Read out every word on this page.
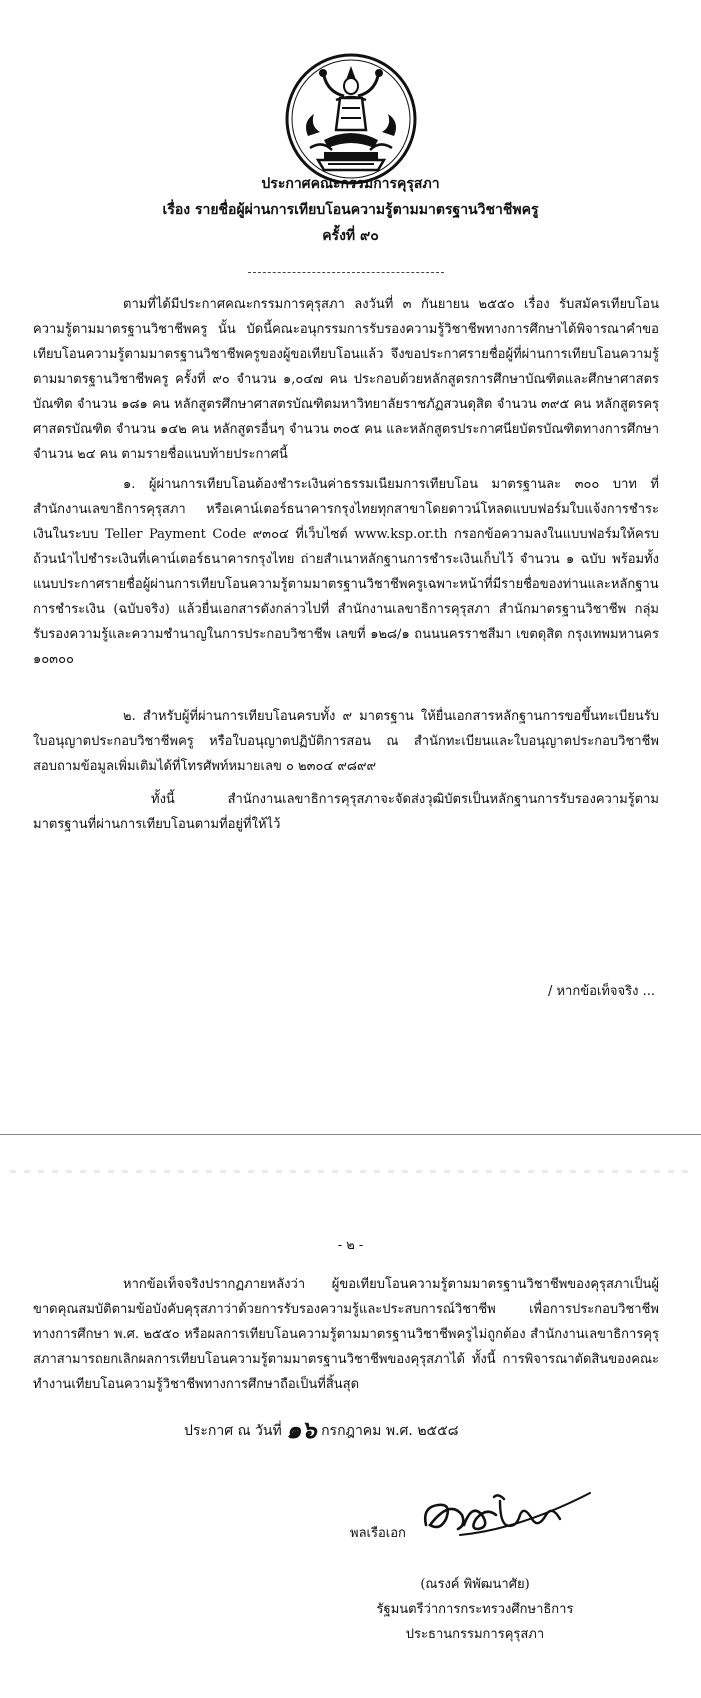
ประกาศคณะกรรมการคุรุสภา
เรื่อง รายชื่อผู้ผ่านการเทียบโอนความรู้ตามมาตรฐานวิชาชีพครู
ครั้งที่ ๙๐
ตามที่ได้มีประกาศคณะกรรมการคุรุสภา ลงวันที่ ๓ กันยายน ๒๕๕๐ เรื่อง รับสมัครเทียบโอนความรู้ตามมาตรฐานวิชาชีพครู นั้น บัดนี้คณะอนุกรรมการรับรองความรู้วิชาชีพทางการศึกษาได้พิจารณาคำขอเทียบโอนความรู้ตามมาตรฐานวิชาชีพครูของผู้ขอเทียบโอนแล้ว จึงขอประกาศรายชื่อผู้ที่ผ่านการเทียบโอนความรู้ตามมาตรฐานวิชาชีพครู ครั้งที่ ๙๐ จำนวน ๑,๐๔๗ คน ประกอบด้วยหลักสูตรการศึกษาบัณฑิตและศึกษาศาสตรบัณฑิต จำนวน ๑๘๑ คน หลักสูตรศึกษาศาสตรบัณฑิตมหาวิทยาลัยราชภัฏสวนดุสิต จำนวน ๓๙๕ คน หลักสูตรครุศาสตรบัณฑิต จำนวน ๑๔๒ คน หลักสูตรอื่นๆ จำนวน ๓๐๕ คน และหลักสูตรประกาศนียบัตรบัณฑิตทางการศึกษา จำนวน ๒๔ คน ตามรายชื่อแนบท้ายประกาศนี้
๑. ผู้ผ่านการเทียบโอนต้องชำระเงินค่าธรรมเนียมการเทียบโอน มาตรฐานละ ๓๐๐ บาท ที่สำนักงานเลขาธิการคุรุสภา หรือเคาน์เตอร์ธนาคารกรุงไทยทุกสาขาโดยดาวน์โหลดแบบฟอร์มใบแจ้งการชำระเงินในระบบ Teller Payment Code ๙๓๐๔ ที่เว็บไซต์ www.ksp.or.th กรอกข้อความลงในแบบฟอร์มให้ครบถ้วนนำไปชำระเงินที่เคาน์เตอร์ธนาคารกรุงไทย ถ่ายสำเนาหลักฐานการชำระเงินเก็บไว้ จำนวน ๑ ฉบับ พร้อมทั้งแนบประกาศรายชื่อผู้ผ่านการเทียบโอนความรู้ตามมาตรฐานวิชาชีพครูเฉพาะหน้าที่มีรายชื่อของท่านและหลักฐานการชำระเงิน (ฉบับจริง) แล้วยื่นเอกสารดังกล่าวไปที่ สำนักงานเลขาธิการคุรุสภา สำนักมาตรฐานวิชาชีพ กลุ่มรับรองความรู้และความชำนาญในการประกอบวิชาชีพ เลขที่ ๑๒๘/๑ ถนนนครราชสีมา เขตดุสิต กรุงเทพมหานคร ๑๐๓๐๐
๒. สำหรับผู้ที่ผ่านการเทียบโอนครบทั้ง ๙ มาตรฐาน ให้ยื่นเอกสารหลักฐานการขอขึ้นทะเบียนรับใบอนุญาตประกอบวิชาชีพครู หรือใบอนุญาตปฏิบัติการสอน ณ สำนักทะเบียนและใบอนุญาตประกอบวิชาชีพ สอบถามข้อมูลเพิ่มเติมได้ที่โทรศัพท์หมายเลข ๐ ๒๓๐๔ ๙๘๙๙
ทั้งนี้ สำนักงานเลขาธิการคุรุสภาจะจัดส่งวุฒิบัตรเป็นหลักฐานการรับรองความรู้ตามมาตรฐานที่ผ่านการเทียบโอนตามที่อยู่ที่ให้ไว้
/ หากข้อเท็จจริง ...
- ๒ -
หากข้อเท็จจริงปรากฏภายหลังว่า ผู้ขอเทียบโอนความรู้ตามมาตรฐานวิชาชีพของคุรุสภาเป็นผู้ขาดคุณสมบัติตามข้อบังคับคุรุสภาว่าด้วยการรับรองความรู้และประสบการณ์วิชาชีพ เพื่อการประกอบวิชาชีพทางการศึกษา พ.ศ. ๒๕๕๐ หรือผลการเทียบโอนความรู้ตามมาตรฐานวิชาชีพครูไม่ถูกต้อง สำนักงานเลขาธิการคุรุสภาสามารถยกเลิกผลการเทียบโอนความรู้ตามมาตรฐานวิชาชีพของคุรุสภาได้ ทั้งนี้ การพิจารณาตัดสินของคณะทำงานเทียบโอนความรู้วิชาชีพทางการศึกษาถือเป็นที่สิ้นสุด
ประกาศ ณ วันที่ ๑๖ กรกฎาคม พ.ศ. ๒๕๕๘
พลเรือเอก
(ณรงค์ พิพัฒนาศัย)
รัฐมนตรีว่าการกระทรวงศึกษาธิการ
ประธานกรรมการคุรุสภา
